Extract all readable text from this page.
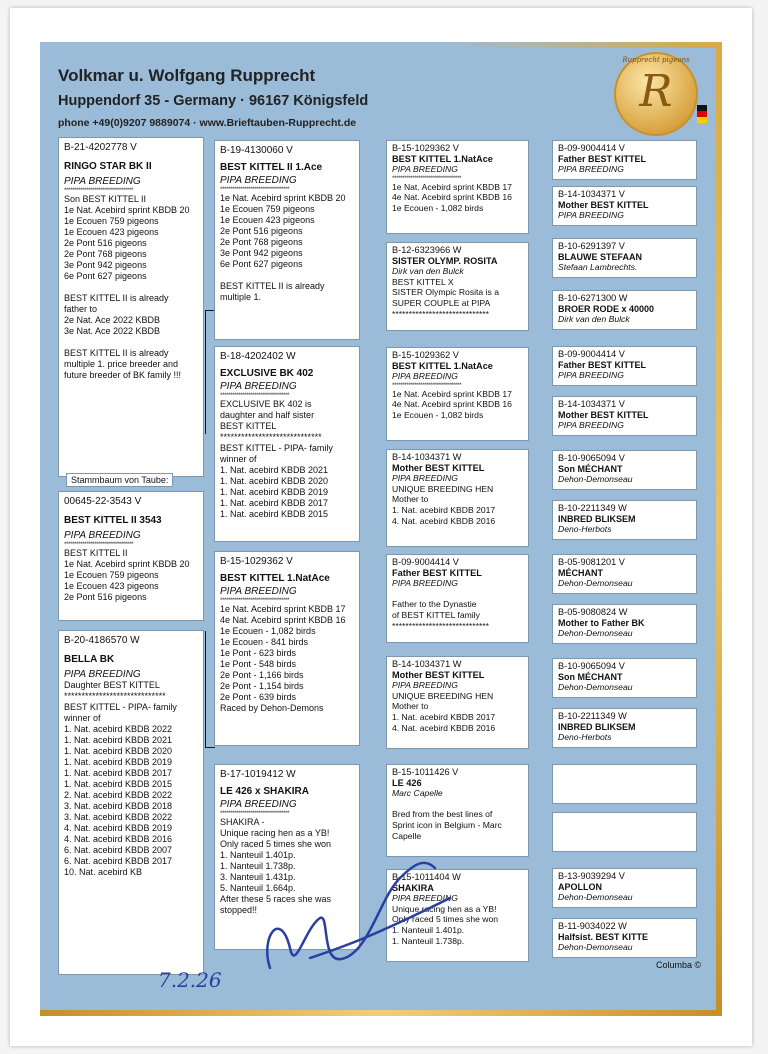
Volkmar u. Wolfgang Rupprecht
Huppendorf 35 - Germany · 96167 Königsfeld
phone +49(0)9207 9889074 · www.Brieftauben-Rupprecht.de
Rupprecht pigeons
R
B-21-4202778 V
RINGO STAR BK II
PIPA BREEDING
**********************************
Son BEST KITTEL II
1e Nat. Acebird sprint KBDB 20
1e Ecouen 759 pigeons
1e Ecouen 423 pigeons
2e Pont 516 pigeons
2e Pont 768 pigeons
3e Pont 942 pigeons
6e Pont 627 pigeons

BEST KITTEL II is already
father to
2e Nat. Ace 2022 KBDB
3e Nat. Ace 2022 KBDB

BEST KITTEL II is already
multiple 1. price breeder and
future breeder of BK family !!!
00645-22-3543 V
BEST KITTEL II 3543
PIPA BREEDING
**********************************
BEST KITTEL II
1e Nat. Acebird sprint KBDB 20
1e Ecouen 759 pigeons
1e Ecouen 423 pigeons
2e Pont 516 pigeons
B-20-4186570 W
BELLA BK
PIPA BREEDING
Daughter BEST KITTEL
*****************************
BEST KITTEL - PIPA- family
winner of
1. Nat. acebird KBDB 2022
1. Nat. acebird KBDB 2021
1. Nat. acebird KBDB 2020
1. Nat. acebird KBDB 2019
1. Nat. acebird KBDB 2017
1. Nat. acebird KBDB 2015
2. Nat. acebird KBDB 2022
3. Nat. acebird KBDB 2018
3. Nat. acebird KBDB 2022
4. Nat. acebird KBDB 2019
4. Nat. acebird KBDB 2016
6. Nat. acebird KBDB 2007
6. Nat. acebird KBDB 2017
10. Nat. acebird KB
B-19-4130060 V
BEST KITTEL II 1.Ace
PIPA BREEDING
**********************************
1e Nat. Acebird sprint KBDB 20
1e Ecouen 759 pigeons
1e Ecouen 423 pigeons
2e Pont 516 pigeons
2e Pont 768 pigeons
3e Pont 942 pigeons
6e Pont 627 pigeons

BEST KITTEL II is already
multiple 1.
B-18-4202402 W
EXCLUSIVE BK 402
PIPA BREEDING
**********************************
EXCLUSIVE BK 402 is
daughter and half sister
BEST KITTEL
*****************************
BEST KITTEL - PIPA- family
winner of
1. Nat. acebird KBDB 2021
1. Nat. acebird KBDB 2020
1. Nat. acebird KBDB 2019
1. Nat. acebird KBDB 2017
1. Nat. acebird KBDB 2015
B-15-1029362 V
BEST KITTEL 1.NatAce
PIPA BREEDING
**********************************
1e Nat. Acebird sprint KBDB 17
4e Nat. Acebird sprint KBDB 16
1e Ecouen - 1,082 birds
1e Ecouen - 841 birds
1e Pont - 623 birds
1e Pont - 548 birds
2e Pont - 1,166 birds
2e Pont - 1,154 birds
2e Pont - 639 birds
Raced by Dehon-Demons
B-17-1019412 W
LE 426 x SHAKIRA
PIPA BREEDING
**********************************
SHAKIRA -
Unique racing hen as a YB!
Only raced 5 times she won
1. Nanteuil 1.401p.
1. Nanteuil 1.738p.
3. Nanteuil 1.431p.
5. Nanteuil 1.664p.
After these 5 races she was
stopped!!
B-15-1029362 V
BEST KITTEL 1.NatAce
PIPA BREEDING
**********************************
1e Nat. Acebird sprint KBDB 17
4e Nat. Acebird sprint KBDB 16
1e Ecouen - 1,082 birds
B-12-6323966 W
SISTER OLYMP. ROSITA
Dirk van den Bulck
BEST KITTEL X
SISTER Olympic Rosita is a
SUPER COUPLE at PIPA
*****************************
B-15-1029362 V
BEST KITTEL 1.NatAce
PIPA BREEDING
**********************************
1e Nat. Acebird sprint KBDB 17
4e Nat. Acebird sprint KBDB 16
1e Ecouen - 1,082 birds
B-14-1034371 W
Mother BEST KITTEL
PIPA BREEDING
UNIQUE BREEDING HEN
Mother to
1. Nat. acebird KBDB 2017
4. Nat. acebird KBDB 2016
B-09-9004414 V
Father BEST KITTEL
PIPA BREEDING

Father to the Dynastie
of BEST KITTEL family
*****************************
B-14-1034371 W
Mother BEST KITTEL
PIPA BREEDING
UNIQUE BREEDING HEN
Mother to
1. Nat. acebird KBDB 2017
4. Nat. acebird KBDB 2016
B-15-1011426 V
LE 426
Marc Capelle

Bred from the best lines of
Sprint icon in Belgium - Marc
Capelle
B-15-1011404 W
SHAKIRA
PIPA BREEDING
Unique racing hen as a YB!
Only raced 5 times she won
1. Nanteuil 1.401p.
1. Nanteuil 1.738p.
B-09-9004414 V
Father BEST KITTEL
PIPA BREEDING
B-14-1034371 V
Mother BEST KITTEL
PIPA BREEDING
B-10-6291397 V
BLAUWE STEFAAN
Stefaan Lambrechts.
B-10-6271300 W
BROER RODE x 40000
Dirk van den Bulck
B-09-9004414 V
Father BEST KITTEL
PIPA BREEDING
B-14-1034371 V
Mother BEST KITTEL
PIPA BREEDING
B-10-9065094 V
Son MÉCHANT
Dehon-Demonseau
B-10-2211349 W
INBRED BLIKSEM
Deno-Herbots
B-05-9081201 V
MÉCHANT
Dehon-Demonseau
B-05-9080824 W
Mother to Father BK
Dehon-Demonseau
B-10-9065094 V
Son MÉCHANT
Dehon-Demonseau
B-10-2211349 W
INBRED BLIKSEM
Deno-Herbots
B-13-9039294 V
APOLLON
Dehon-Demonseau
B-11-9034022 W
Halfsist. BEST KITTE
Dehon-Demonseau
Stammbaum von Taube:
Columba ©
7.2.26
